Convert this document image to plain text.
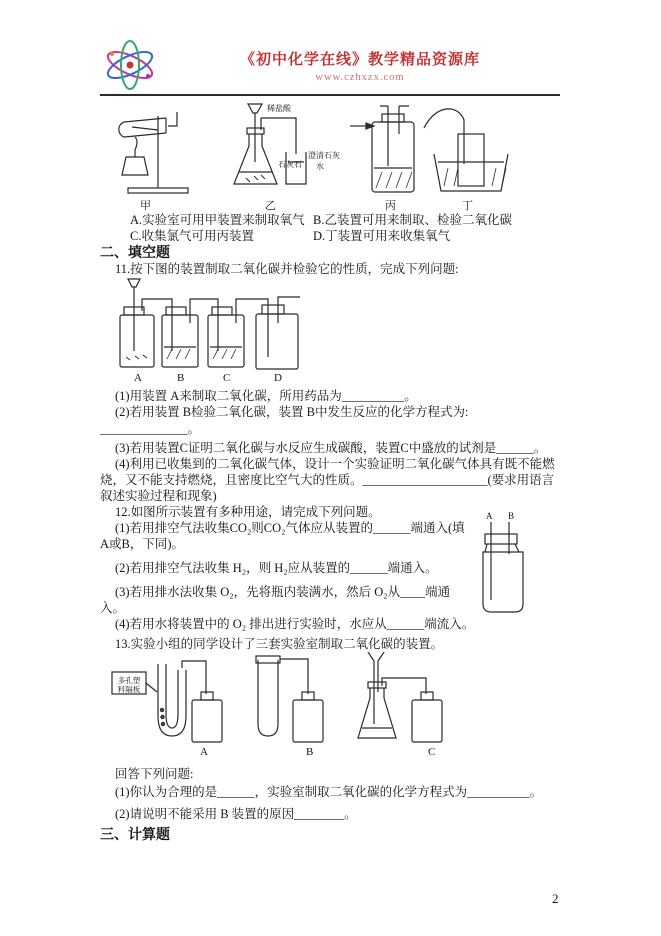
《初中化学在线》教学精品资源库
www.czhxzx.com
稀盐酸
石灰石
澄清石灰
水
甲	乙	丙	丁
A.实验室可用甲装置来制取氧气 B.乙装置可用来制取、检验二氧化碳
C.收集氯气可用丙装置	D.丁装置可用来收集氧气
二、填空题
11.按下图的装置制取二氧化碳并检验它的性质，完成下列问题:
A	B	C	D
(1)用装置 A来制取二氧化碳，所用药品为__________。
(2)若用装置 B检验二氧化碳，装置 B中发生反应的化学方程式为:
______________。
(3)若用装置C证明二氧化碳与水反应生成碳酸，装置C中盛放的试剂是______。
(4)利用已收集到的二氧化碳气体，设计一个实验证明二氧化碳气体具有既不能燃烧，又不能支持燃烧，且密度比空气大的性质。____________________(要求用语言叙述实验过程和现象)
12.如图所示装置有多种用途，请完成下列问题。	A B
(1)若用排空气法收集CO₂则CO₂气体应从装置的______端通入(填 A或B，下同)。
(2)若用排空气法收集 H₂，则 H₂应从装置的______端通入。
(3)若用排水法收集 O₂，先将瓶内装满水，然后 O₂从____端通入。
(4)若用水将装置中的 O₂ 排出进行实验时，水应从______端流入。
13.实验小组的同学设计了三套实验室制取二氧化碳的装置。
多孔塑
料隔板
A	B	C
回答下列问题:
(1)你认为合理的是______，实验室制取二氧化碳的化学方程式为__________。
(2)请说明不能采用 B 装置的原因________。
三、计算题
2
